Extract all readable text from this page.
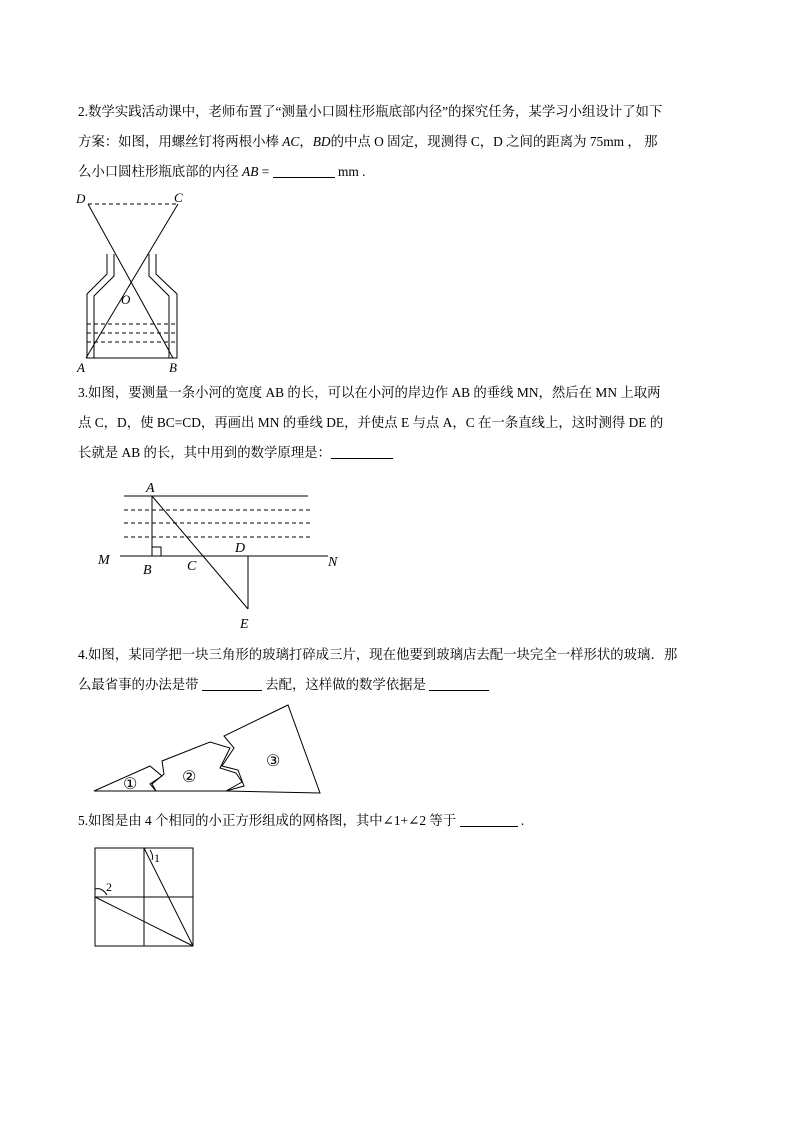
2.数学实践活动课中，老师布置了“测量小口圆柱形瓶底部内径”的探究任务，某学习小组设计了如下
方案：如图，用螺丝钉将两根小棒 AC，BD的中点 O 固定，现测得 C，D 之间的距离为 75mm ， 那
么小口圆柱形瓶底部的内径 AB =	mm .
D	C
O
A	B
3.如图，要测量一条小河的宽度 AB 的长，可以在小河的岸边作 AB 的垂线 MN，然后在 MN 上取两
点 C，D，使 BC=CD，再画出 MN 的垂线 DE，并使点 E 与点 A，C 在一条直线上，这时测得 DE 的
长就是 AB 的长，其中用到的数学原理是：
A
B	C
D
E
M	N
4.如图，某同学把一块三角形的玻璃打碎成三片，现在他要到玻璃店去配一块完全一样形状的玻璃．那
么最省事的办法是带	去配，这样做的数学依据是
①	②
③
5.如图是由 4 个相同的小正方形组成的网格图，其中∠1+∠2 等于	.
1
2
